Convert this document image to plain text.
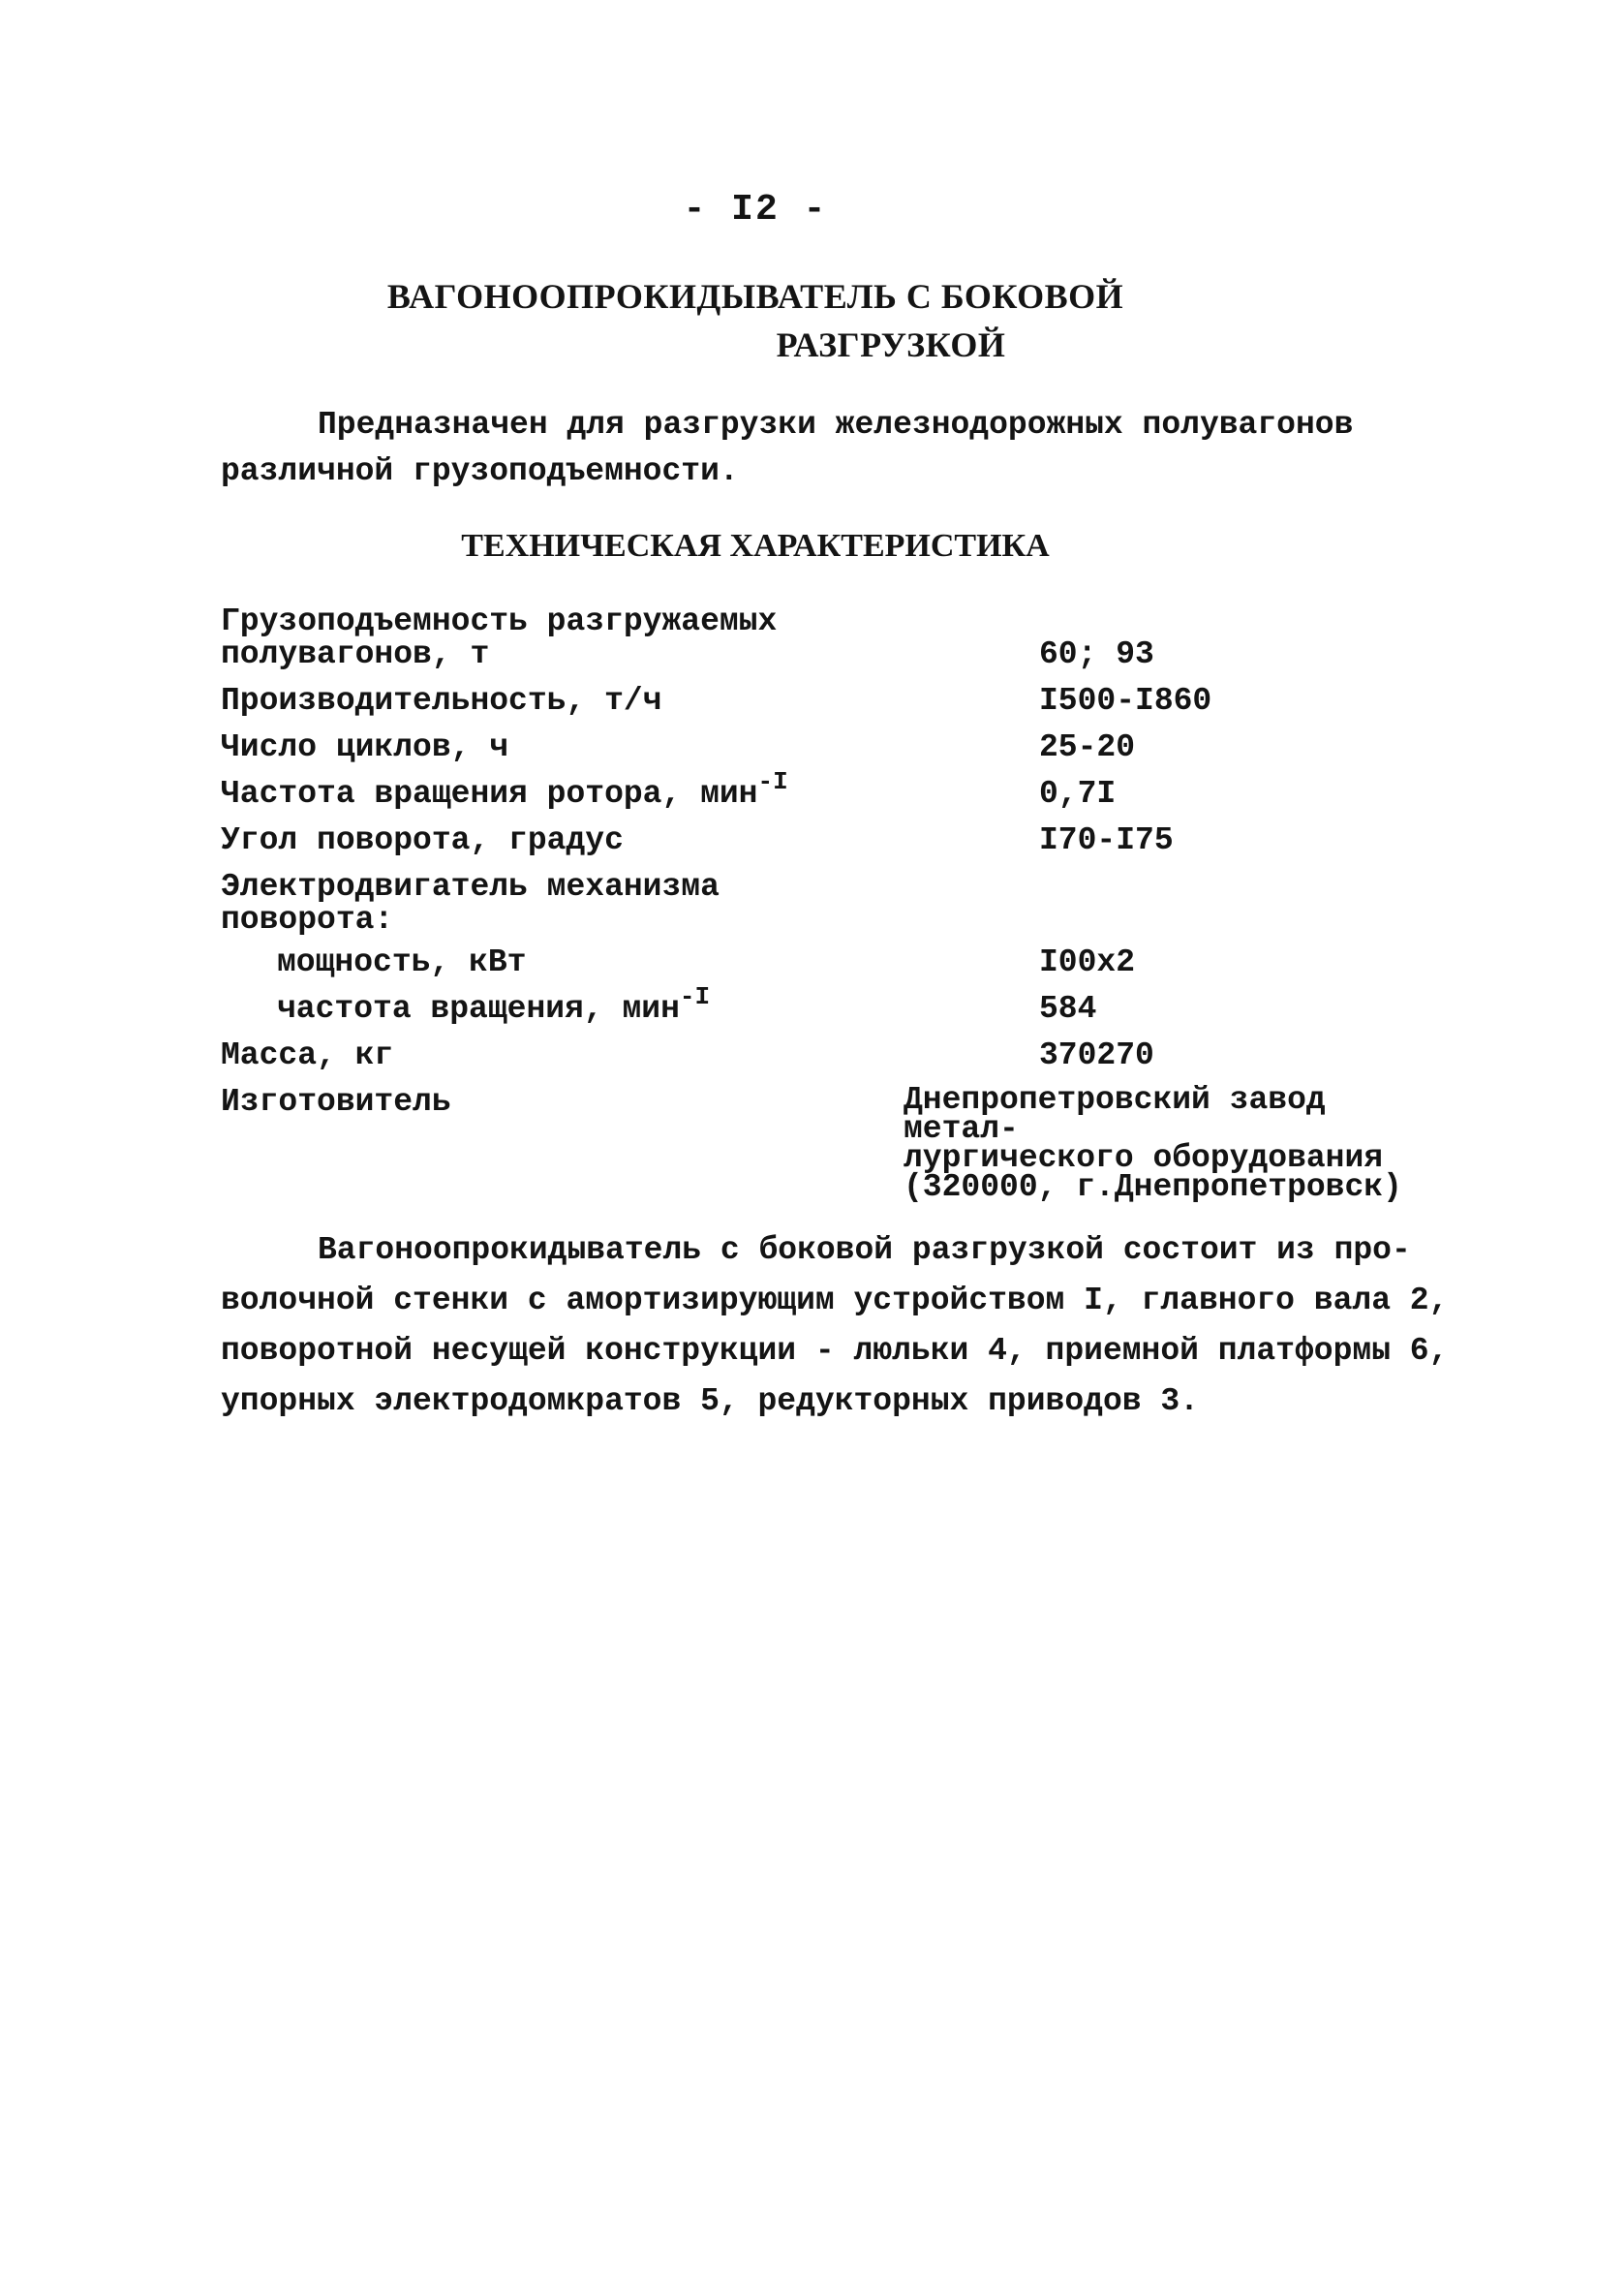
- I2 -
ВАГОНООПРОКИДЫВАТЕЛЬ С БОКОВОЙ
РАЗГРУЗКОЙ

Предназначен для разгрузки железнодорожных полувагонов

различной грузоподъемности.

ТЕХНИЧЕСКАЯ ХАРАКТЕРИСТИКА
Грузоподъемность разгружаемых
полувагонов, т	60; 93
Производительность, т/ч	I500-I860
Число циклов, ч	25-20
Частота вращения ротора, мин$^{-I}$	0,7I
Угол поворота, градус	I70-I75
Электродвигатель механизма
поворота:
мощность, кВт	I00x2
частота вращения, мин$^{-I}$	584
Масса, кг	370270
Изготовитель	Днепропетровский завод метал-
лургического оборудования
(320000, г.Днепропетровск)

Вагоноопрокидыватель с боковой разгрузкой состоит из про-

волочной стенки с амортизирующим устройством I, главного вала 2,

поворотной несущей конструкции - люльки 4, приемной платформы 6,

упорных электродомкратов 5, редукторных приводов 3.
